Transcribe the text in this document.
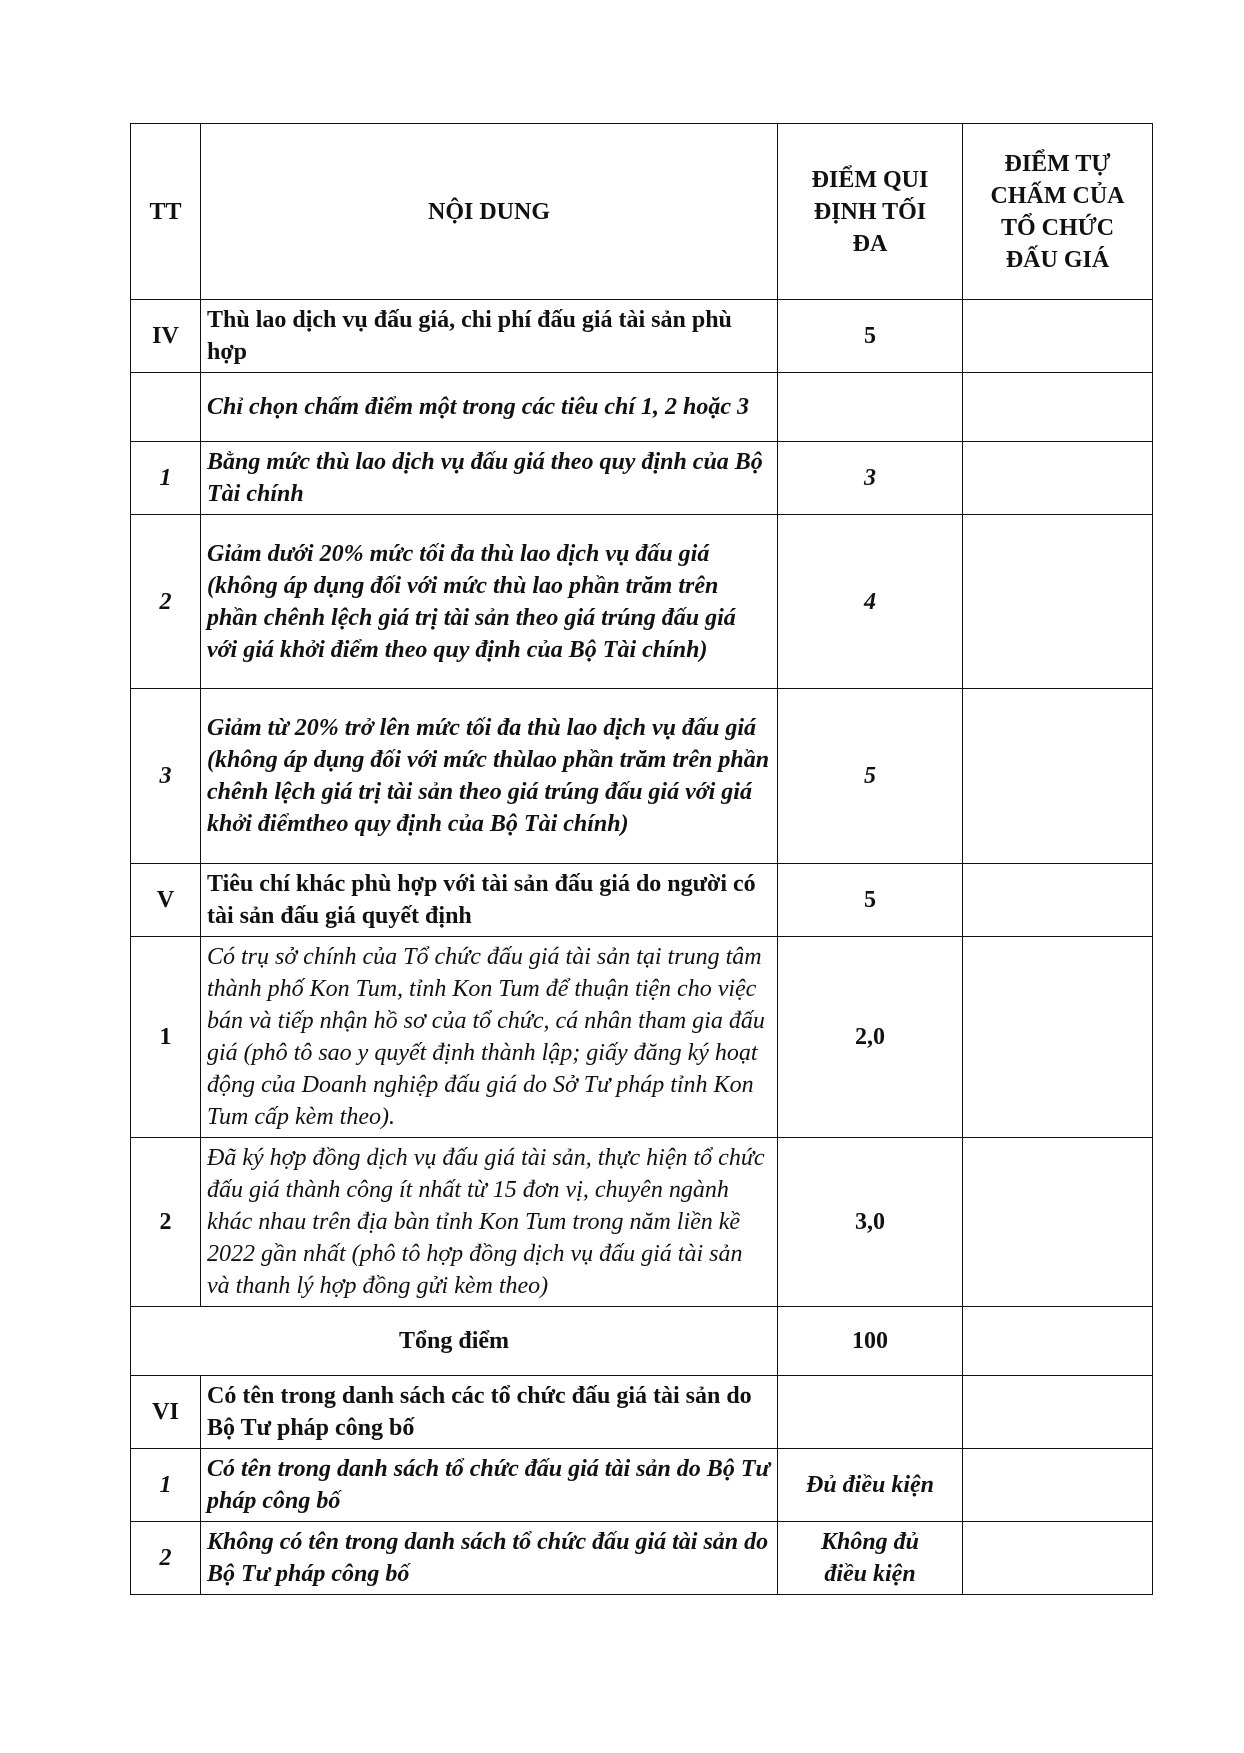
TT	NỘI DUNG	ĐIỂM QUI ĐỊNH TỐI ĐA	ĐIỂM TỰ CHẤM CỦA TỔ CHỨC ĐẤU GIÁ
IV	Thù lao dịch vụ đấu giá, chi phí đấu giá tài sản phù hợp	5	
	Chỉ chọn chấm điểm một trong các tiêu chí 1, 2 hoặc 3		
1	Bằng mức thù lao dịch vụ đấu giá theo quy định của Bộ Tài chính	3	
2	Giảm dưới 20% mức tối đa thù lao dịch vụ đấu giá (không áp dụng đối với mức thù lao phần trăm trên phần chênh lệch giá trị tài sản theo giá trúng đấu giá với giá khởi điểm theo quy định của Bộ Tài chính)	4	
3	Giảm từ 20% trở lên mức tối đa thù lao dịch vụ đấu giá (không áp dụng đối với mức thùlao phần trăm trên phần chênh lệch giá trị tài sản theo giá trúng đấu giá với giá khởi điểmtheo quy định của Bộ Tài chính)	5	
V	Tiêu chí khác phù hợp với tài sản đấu giá do người có tài sản đấu giá quyết định	5	
1	Có trụ sở chính của Tổ chức đấu giá tài sản tại trung tâm thành phố Kon Tum, tỉnh Kon Tum để thuận tiện cho việc bán và tiếp nhận hồ sơ của tổ chức, cá nhân tham gia đấu giá (phô tô sao y quyết định thành lập; giấy đăng ký hoạt động của Doanh nghiệp đấu giá do Sở Tư pháp tỉnh Kon Tum cấp kèm theo).	2,0	
2	Đã ký hợp đồng dịch vụ đấu giá tài sản, thực hiện tổ chức đấu giá thành công ít nhất từ 15 đơn vị, chuyên ngành khác nhau trên địa bàn tỉnh Kon Tum trong năm liền kề 2022 gần nhất (phô tô hợp đồng dịch vụ đấu giá tài sản và thanh lý hợp đồng gửi kèm theo)	3,0	
Tổng điểm		100	
VI	Có tên trong danh sách các tổ chức đấu giá tài sản do Bộ Tư pháp công bố		
1	Có tên trong danh sách tổ chức đấu giá tài sản do Bộ Tư pháp công bố	Đủ điều kiện	
2	Không có tên trong danh sách tổ chức đấu giá tài sản do Bộ Tư pháp công bố	Không đủ điều kiện	
